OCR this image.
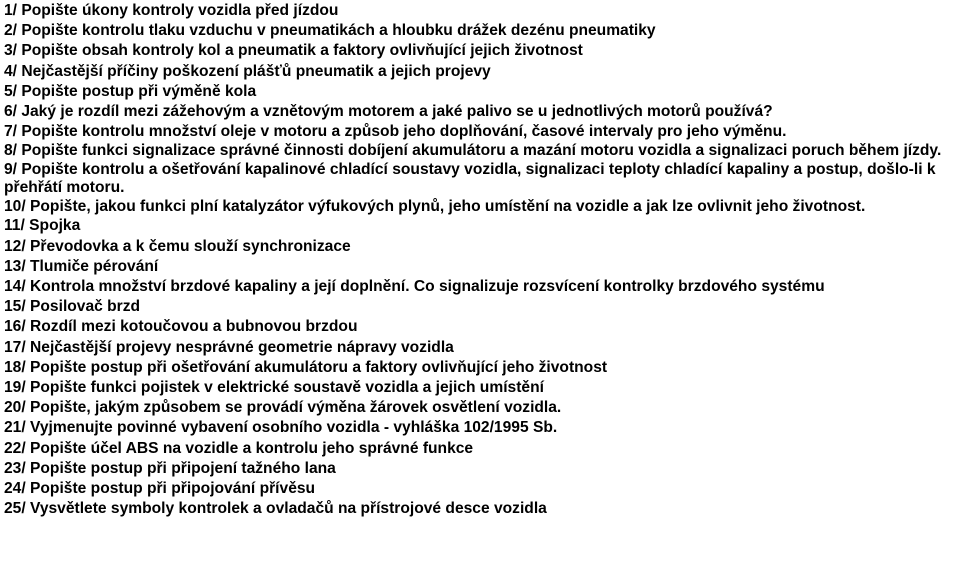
1/ Popište úkony kontroly vozidla před jízdou

2/ Popište kontrolu tlaku vzduchu v pneumatikách a hloubku drážek dezénu pneumatiky

3/ Popište obsah kontroly kol a pneumatik a faktory ovlivňující jejich životnost

4/ Nejčastější příčiny poškození plášťů pneumatik a jejich projevy

5/ Popište postup při výměně kola

6/ Jaký je rozdíl mezi zážehovým a vznětovým motorem a jaké palivo se u jednotlivých motorů používá?

7/ Popište kontrolu množství oleje v motoru a způsob jeho doplňování, časové intervaly pro jeho výměnu.

8/ Popište funkci signalizace správné činnosti dobíjení akumulátoru a mazání motoru vozidla a signalizaci poruch během jízdy.

9/ Popište kontrolu a ošetřování kapalinové chladící soustavy vozidla, signalizaci teploty chladící kapaliny a postup, došlo-li k přehřátí motoru.

10/ Popište, jakou funkci plní katalyzátor výfukových plynů, jeho umístění na vozidle a jak lze ovlivnit jeho životnost.

11/ Spojka

12/ Převodovka a k čemu slouží synchronizace

13/ Tlumiče pérování

14/ Kontrola množství brzdové kapaliny a její doplnění. Co signalizuje rozsvícení kontrolky brzdového systému

15/ Posilovač brzd

16/ Rozdíl mezi kotoučovou a bubnovou brzdou

17/ Nejčastější projevy nesprávné geometrie nápravy vozidla

18/ Popište postup při ošetřování akumulátoru a faktory ovlivňující jeho životnost

19/ Popište funkci pojistek v elektrické soustavě vozidla a jejich umístění

20/ Popište, jakým způsobem se provádí výměna žárovek osvětlení vozidla.

21/ Vyjmenujte povinné vybavení osobního vozidla - vyhláška 102/1995 Sb.

22/ Popište účel ABS na vozidle a kontrolu jeho správné funkce

23/ Popište postup při připojení tažného lana

24/ Popište postup při připojování přívěsu

25/ Vysvětlete symboly kontrolek a ovladačů na přístrojové desce vozidla
